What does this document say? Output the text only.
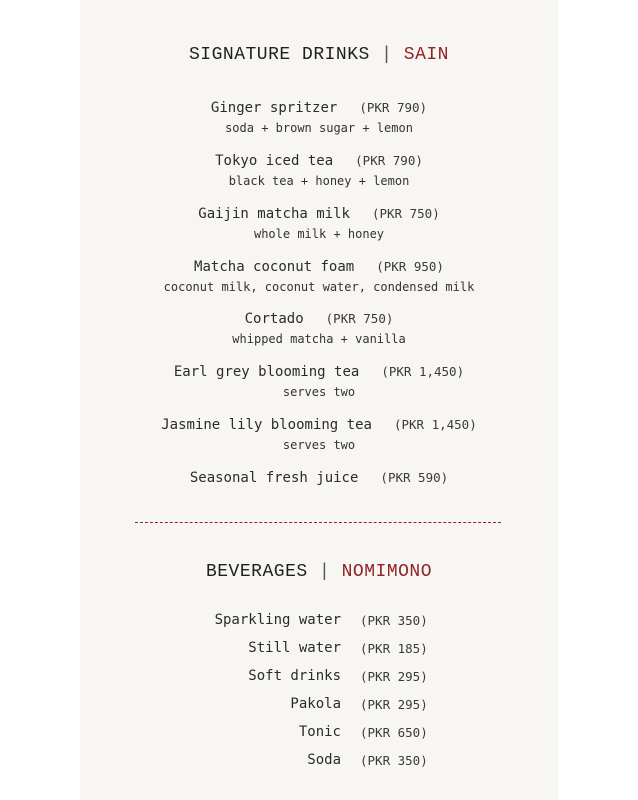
SIGNATURE DRINKS | SAIN
Ginger spritzer (PKR 790)
soda + brown sugar + lemon
Tokyo iced tea (PKR 790)
black tea + honey + lemon
Gaijin matcha milk (PKR 750)
whole milk + honey
Matcha coconut foam (PKR 950)
coconut milk, coconut water, condensed milk
Cortado (PKR 750)
whipped matcha + vanilla
Earl grey blooming tea (PKR 1,450)
serves two
Jasmine lily blooming tea (PKR 1,450)
serves two
Seasonal fresh juice (PKR 590)
BEVERAGES | NOMIMONO
Sparkling water (PKR 350)
Still water (PKR 185)
Soft drinks (PKR 295)
Pakola (PKR 295)
Tonic (PKR 650)
Soda (PKR 350)
